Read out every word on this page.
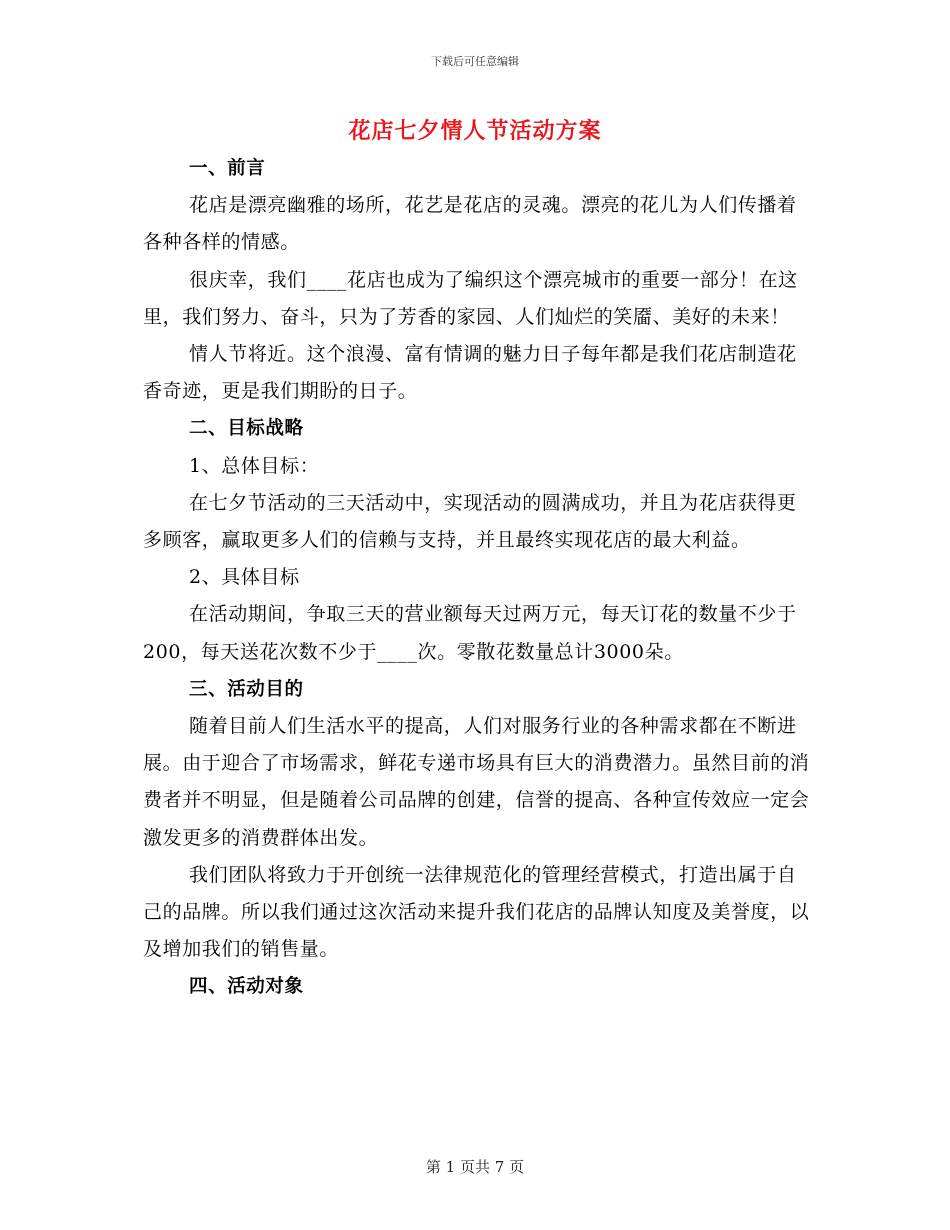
下载后可任意编辑
花店七夕情人节活动方案

一、前言

花店是漂亮幽雅的场所，花艺是花店的灵魂。漂亮的花儿为人们传播着各种各样的情感。

很庆幸，我们____花店也成为了编织这个漂亮城市的重要一部分！在这里，我们努力、奋斗，只为了芳香的家园、人们灿烂的笑靥、美好的未来！

情人节将近。这个浪漫、富有情调的魅力日子每年都是我们花店制造花香奇迹，更是我们期盼的日子。

二、目标战略

1、总体目标：

在七夕节活动的三天活动中，实现活动的圆满成功，并且为花店获得更多顾客，赢取更多人们的信赖与支持，并且最终实现花店的最大利益。

2、具体目标

在活动期间，争取三天的营业额每天过两万元，每天订花的数量不少于200，每天送花次数不少于____次。零散花数量总计3000朵。

三、活动目的

随着目前人们生活水平的提高，人们对服务行业的各种需求都在不断进展。由于迎合了市场需求，鲜花专递市场具有巨大的消费潜力。虽然目前的消费者并不明显，但是随着公司品牌的创建，信誉的提高、各种宣传效应一定会激发更多的消费群体出发。

我们团队将致力于开创统一法律规范化的管理经营模式，打造出属于自己的品牌。所以我们通过这次活动来提升我们花店的品牌认知度及美誉度，以及增加我们的销售量。

四、活动对象

第 1 页共 7 页
